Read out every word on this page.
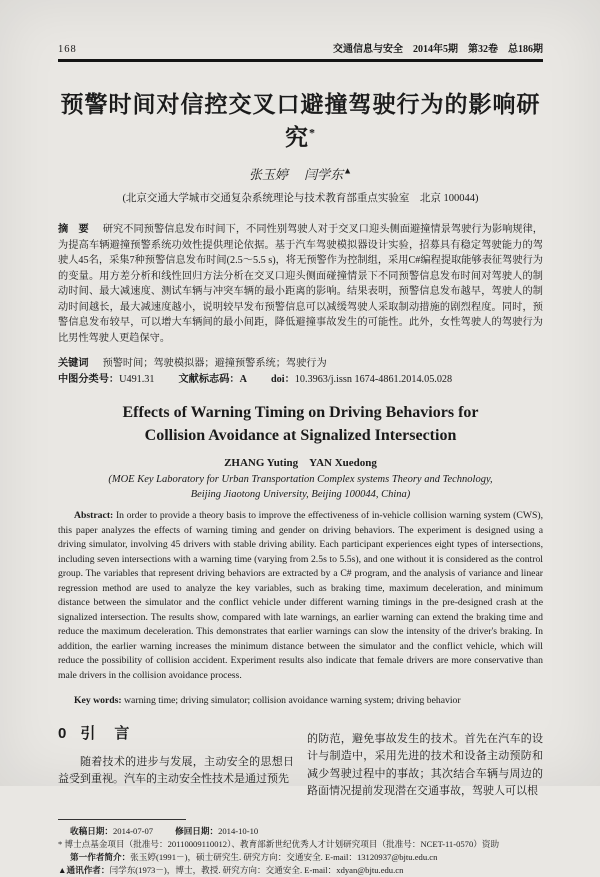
168	交通信息与安全　2014年5期　第32卷　总186期
预警时间对信控交叉口避撞驾驶行为的影响研究*
张玉婷　 闫学东▲
(北京交通大学城市交通复杂系统理论与技术教育部重点实验室　北京 100044)

摘　要 研究不同预警信息发布时间下，不同性别驾驶人对于交叉口迎头侧面避撞情景驾驶行为影响规律，为提高车辆避撞预警系统功效性提供理论依据。基于汽车驾驶模拟器设计实验，招募具有稳定驾驶能力的驾驶人45名，采集7种预警信息发布时间(2.5～5.5 s)，将无预警作为控制组，采用C#编程提取能够表征驾驶行为的变量。用方差分析和线性回归方法分析在交叉口迎头侧面碰撞情景下不同预警信息发布时间对驾驶人的制动时间、最大减速度、测试车辆与冲突车辆的最小距离的影响。结果表明，预警信息发布越早，驾驶人的制动时间越长，最大减速度越小，说明较早发布预警信息可以减缓驾驶人采取制动措施的剧烈程度。同时，预警信息发布较早，可以增大车辆间的最小间距，降低避撞事故发生的可能性。此外，女性驾驶人的驾驶行为比男性驾驶人更趋保守。

关键词 预警时间；驾驶模拟器；避撞预警系统；驾驶行为
中图分类号：U491.31 文献标志码：A doi：10.3963/j.issn 1674-4861.2014.05.028
Effects of Warning Timing on Driving Behaviors for
Collision Avoidance at Signalized Intersection
ZHANG Yuting　YAN Xuedong
(MOE Key Laboratory for Urban Transportation Complex systems Theory and Technology,
Beijing Jiaotong University, Beijing 100044, China)

Abstract: In order to provide a theory basis to improve the effectiveness of in-vehicle collision warning system (CWS), this paper analyzes the effects of warning timing and gender on driving behaviors. The experiment is designed using a driving simulator, involving 45 drivers with stable driving ability. Each participant experiences eight types of intersections, including seven intersections with a warning time (varying from 2.5s to 5.5s), and one without it is considered as the control group. The variables that represent driving behaviors are extracted by a C# program, and the analysis of variance and linear regression method are used to analyze the key variables, such as braking time, maximum deceleration, and minimum distance between the simulator and the conflict vehicle under different warning timings in the pre-designed crash at the signalized intersection. The results show, compared with late warnings, an earlier warning can extend the braking time and reduce the maximum deceleration. This demonstrates that earlier warnings can slow the intensity of the driver's braking. In addition, the earlier warning increases the minimum distance between the simulator and the conflict vehicle, which will reduce the possibility of collision accident. Experiment results also indicate that female drivers are more conservative than male drivers in the collision avoidance process.

Key words: warning time; driving simulator; collision avoidance warning system; driving behavior
0 引　言

随着技术的进步与发展，主动安全的思想日益受到重视。汽车的主动安全性技术是通过预先

的防范，避免事故发生的技术。首先在汽车的设计与制造中，采用先进的技术和设备主动预防和减少驾驶过程中的事故；其次结合车辆与周边的路面情况提前发现潜在交通事故，驾驶人可以根

收稿日期：2014-07-07	修回日期：2014-10-10
* 博士点基金项目（批准号：20110009110012）、教育部新世纪优秀人才计划研究项目（批准号：NCET-11-0570）资助
第一作者简介：张玉婷(1991－)，硕士研究生. 研究方向：交通安全. E-mail：13120937@bjtu.edu.cn
▲通讯作者：闫学东(1973－)，博士，教授. 研究方向：交通安全. E-mail：xdyan@bjtu.edu.cn
